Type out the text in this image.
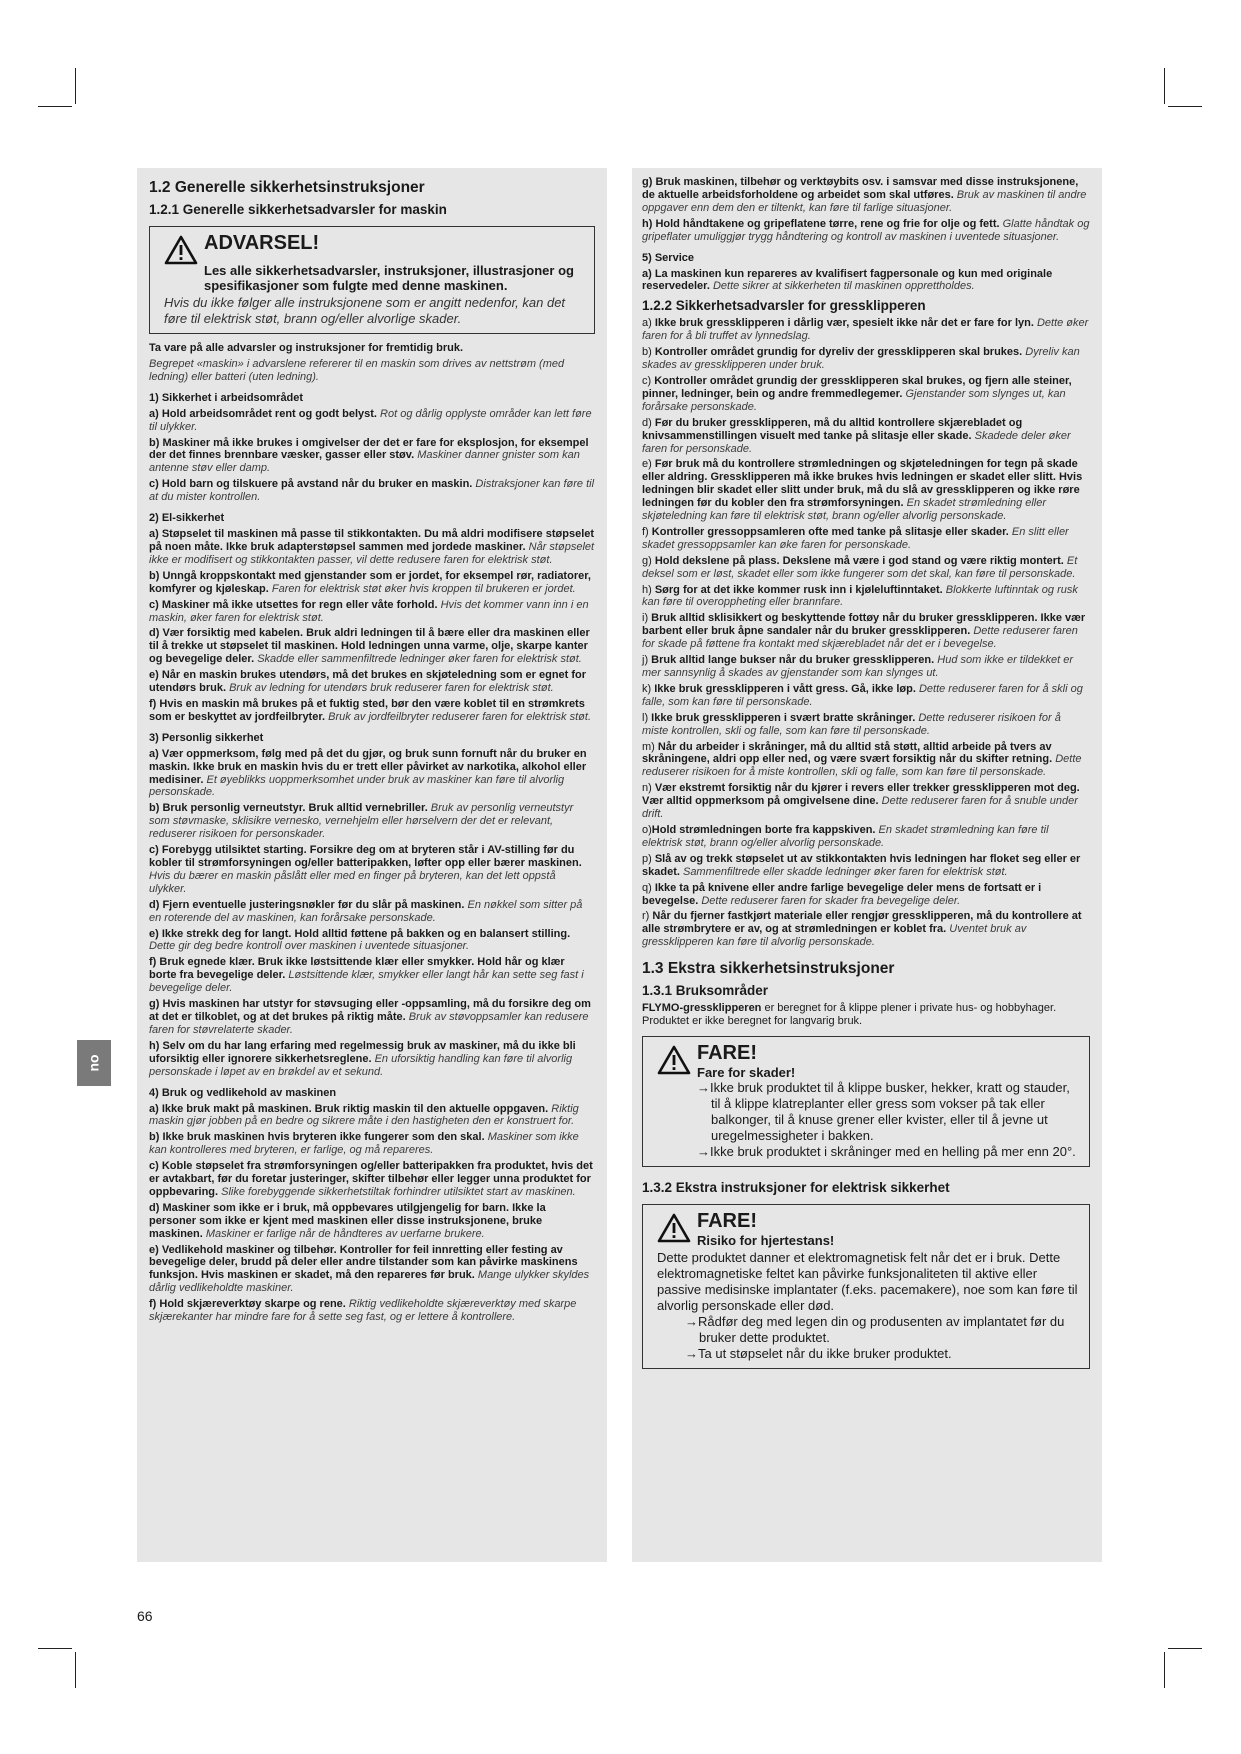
no
1.2 Generelle sikkerhetsinstruksjoner
1.2.1 Generelle sikkerhetsadvarsler for maskin
ADVARSEL!
Les alle sikkerhetsadvarsler, instruksjoner, illustrasjoner og spesifikasjoner som fulgte med denne maskinen.
Hvis du ikke følger alle instruksjonene som er angitt nedenfor, kan det føre til elektrisk støt, brann og/eller alvorlige skader.

Ta vare på alle advarsler og instruksjoner for fremtidig bruk.

Begrepet «maskin» i advarslene refererer til en maskin som drives av nettstrøm (med ledning) eller batteri (uten ledning).

1) Sikkerhet i arbeidsområdet

a) Hold arbeidsområdet rent og godt belyst. Rot og dårlig opplyste områder kan lett føre til ulykker.

b) Maskiner må ikke brukes i omgivelser der det er fare for eksplosjon, for eksempel der det finnes brennbare væsker, gasser eller støv. Maskiner danner gnister som kan antenne støv eller damp.

c) Hold barn og tilskuere på avstand når du bruker en maskin. Distraksjoner kan føre til at du mister kontrollen.

2) El-sikkerhet

a) Støpselet til maskinen må passe til stikkontakten. Du må aldri modifisere støpselet på noen måte. Ikke bruk adapterstøpsel sammen med jordede maskiner. Når støpselet ikke er modifisert og stikkontakten passer, vil dette redusere faren for elektrisk støt.

b) Unngå kroppskontakt med gjenstander som er jordet, for eksempel rør, radiatorer, komfyrer og kjøleskap. Faren for elektrisk støt øker hvis kroppen til brukeren er jordet.

c) Maskiner må ikke utsettes for regn eller våte forhold. Hvis det kommer vann inn i en maskin, øker faren for elektrisk støt.

d) Vær forsiktig med kabelen. Bruk aldri ledningen til å bære eller dra maskinen eller til å trekke ut støpselet til maskinen. Hold ledningen unna varme, olje, skarpe kanter og bevegelige deler. Skadde eller sammenfiltrede ledninger øker faren for elektrisk støt.

e) Når en maskin brukes utendørs, må det brukes en skjøteledning som er egnet for utendørs bruk. Bruk av ledning for utendørs bruk reduserer faren for elektrisk støt.

f) Hvis en maskin må brukes på et fuktig sted, bør den være koblet til en strømkrets som er beskyttet av jordfeilbryter. Bruk av jordfeilbryter reduserer faren for elektrisk støt.

3) Personlig sikkerhet

a) Vær oppmerksom, følg med på det du gjør, og bruk sunn fornuft når du bruker en maskin. Ikke bruk en maskin hvis du er trett eller påvirket av narkotika, alkohol eller medisiner. Et øyeblikks uoppmerksomhet under bruk av maskiner kan føre til alvorlig personskade.

b) Bruk personlig verneutstyr. Bruk alltid vernebriller. Bruk av personlig verneutstyr som støvmaske, sklisikre vernesko, vernehjelm eller hørselvern der det er relevant, reduserer risikoen for personskader.

c) Forebygg utilsiktet starting. Forsikre deg om at bryteren står i AV-stilling før du kobler til strømforsyningen og/eller batteripakken, løfter opp eller bærer maskinen. Hvis du bærer en maskin påslått eller med en finger på bryteren, kan det lett oppstå ulykker.

d) Fjern eventuelle justeringsnøkler før du slår på maskinen. En nøkkel som sitter på en roterende del av maskinen, kan forårsake personskade.

e) Ikke strekk deg for langt. Hold alltid føttene på bakken og en balansert stilling. Dette gir deg bedre kontroll over maskinen i uventede situasjoner.

f) Bruk egnede klær. Bruk ikke løstsittende klær eller smykker. Hold hår og klær borte fra bevegelige deler. Løstsittende klær, smykker eller langt hår kan sette seg fast i bevegelige deler.

g) Hvis maskinen har utstyr for støvsuging eller -oppsamling, må du forsikre deg om at det er tilkoblet, og at det brukes på riktig måte. Bruk av støvoppsamler kan redusere faren for støvrelaterte skader.

h) Selv om du har lang erfaring med regelmessig bruk av maskiner, må du ikke bli uforsiktig eller ignorere sikkerhetsreglene. En uforsiktig handling kan føre til alvorlig personskade i løpet av en brøkdel av et sekund.

4) Bruk og vedlikehold av maskinen

a) Ikke bruk makt på maskinen. Bruk riktig maskin til den aktuelle oppgaven. Riktig maskin gjør jobben på en bedre og sikrere måte i den hastigheten den er konstruert for.

b) Ikke bruk maskinen hvis bryteren ikke fungerer som den skal. Maskiner som ikke kan kontrolleres med bryteren, er farlige, og må repareres.

c) Koble støpselet fra strømforsyningen og/eller batteripakken fra produktet, hvis det er avtakbart, før du foretar justeringer, skifter tilbehør eller legger unna produktet for oppbevaring. Slike forebyggende sikkerhetstiltak forhindrer utilsiktet start av maskinen.

d) Maskiner som ikke er i bruk, må oppbevares utilgjengelig for barn. Ikke la personer som ikke er kjent med maskinen eller disse instruksjonene, bruke maskinen. Maskiner er farlige når de håndteres av uerfarne brukere.

e) Vedlikehold maskiner og tilbehør. Kontroller for feil innretting eller festing av bevegelige deler, brudd på deler eller andre tilstander som kan påvirke maskinens funksjon. Hvis maskinen er skadet, må den repareres før bruk. Mange ulykker skyldes dårlig vedlikeholdte maskiner.

f) Hold skjæreverktøy skarpe og rene. Riktig vedlikeholdte skjæreverktøy med skarpe skjærekanter har mindre fare for å sette seg fast, og er lettere å kontrollere.

g) Bruk maskinen, tilbehør og verktøybits osv. i samsvar med disse instruksjonene, de aktuelle arbeidsforholdene og arbeidet som skal utføres. Bruk av maskinen til andre oppgaver enn dem den er tiltenkt, kan føre til farlige situasjoner.

h) Hold håndtakene og gripeflatene tørre, rene og frie for olje og fett. Glatte håndtak og gripeflater umuliggjør trygg håndtering og kontroll av maskinen i uventede situasjoner.

5) Service

a) La maskinen kun repareres av kvalifisert fagpersonale og kun med originale reservedeler. Dette sikrer at sikkerheten til maskinen opprettholdes.

1.2.2 Sikkerhetsadvarsler for gressklipperen

a) Ikke bruk gressklipperen i dårlig vær, spesielt ikke når det er fare for lyn. Dette øker faren for å bli truffet av lynnedslag.

b) Kontroller området grundig for dyreliv der gressklipperen skal brukes. Dyreliv kan skades av gressklipperen under bruk.

c) Kontroller området grundig der gressklipperen skal brukes, og fjern alle steiner, pinner, ledninger, bein og andre fremmedlegemer. Gjenstander som slynges ut, kan forårsake personskade.

d) Før du bruker gressklipperen, må du alltid kontrollere skjærebladet og knivsammenstillingen visuelt med tanke på slitasje eller skade. Skadede deler øker faren for personskade.

e) Før bruk må du kontrollere strømledningen og skjøteledningen for tegn på skade eller aldring. Gressklipperen må ikke brukes hvis ledningen er skadet eller slitt. Hvis ledningen blir skadet eller slitt under bruk, må du slå av gressklipperen og ikke røre ledningen før du kobler den fra strømforsyningen. En skadet strømledning eller skjøteledning kan føre til elektrisk støt, brann og/eller alvorlig personskade.

f) Kontroller gressoppsamleren ofte med tanke på slitasje eller skader. En slitt eller skadet gressoppsamler kan øke faren for personskade.

g) Hold dekslene på plass. Dekslene må være i god stand og være riktig montert. Et deksel som er løst, skadet eller som ikke fungerer som det skal, kan føre til personskade.

h) Sørg for at det ikke kommer rusk inn i kjøleluftinntaket. Blokkerte luftinntak og rusk kan føre til overoppheting eller brannfare.

i) Bruk alltid sklisikkert og beskyttende fottøy når du bruker gressklipperen. Ikke vær barbent eller bruk åpne sandaler når du bruker gressklipperen. Dette reduserer faren for skade på føttene fra kontakt med skjærebladet når det er i bevegelse.

j) Bruk alltid lange bukser når du bruker gressklipperen. Hud som ikke er tildekket er mer sannsynlig å skades av gjenstander som kan slynges ut.

k) Ikke bruk gressklipperen i vått gress. Gå, ikke løp. Dette reduserer faren for å skli og falle, som kan føre til personskade.

l) Ikke bruk gressklipperen i svært bratte skråninger. Dette reduserer risikoen for å miste kontrollen, skli og falle, som kan føre til personskade.

m) Når du arbeider i skråninger, må du alltid stå støtt, alltid arbeide på tvers av skråningene, aldri opp eller ned, og være svært forsiktig når du skifter retning. Dette reduserer risikoen for å miste kontrollen, skli og falle, som kan føre til personskade.

n) Vær ekstremt forsiktig når du kjører i revers eller trekker gressklipperen mot deg. Vær alltid oppmerksom på omgivelsene dine. Dette reduserer faren for å snuble under drift.

o)Hold strømledningen borte fra kappskiven. En skadet strømledning kan føre til elektrisk støt, brann og/eller alvorlig personskade.

p) Slå av og trekk støpselet ut av stikkontakten hvis ledningen har floket seg eller er skadet. Sammenfiltrede eller skadde ledninger øker faren for elektrisk støt.

q) Ikke ta på knivene eller andre farlige bevegelige deler mens de fortsatt er i bevegelse. Dette reduserer faren for skader fra bevegelige deler.

r) Når du fjerner fastkjørt materiale eller rengjør gressklipperen, må du kontrollere at alle strømbrytere er av, og at strømledningen er koblet fra. Uventet bruk av gressklipperen kan føre til alvorlig personskade.

1.3 Ekstra sikkerhetsinstruksjoner
1.3.1 Bruksområder

FLYMO-gressklipperen er beregnet for å klippe plener i private hus- og hobbyhager. Produktet er ikke beregnet for langvarig bruk.

FARE!
Fare for skader!

→Ikke bruk produktet til å klippe busker, hekker, kratt og stauder, til å klippe klatreplanter eller gress som vokser på tak eller balkonger, til å knuse grener eller kvister, eller til å jevne ut uregelmessigheter i bakken.

→Ikke bruk produktet i skråninger med en helling på mer enn 20°.

1.3.2 Ekstra instruksjoner for elektrisk sikkerhet
FARE!
Risiko for hjertestans!
Dette produktet danner et elektromagnetisk felt når det er i bruk. Dette elektromagnetiske feltet kan påvirke funksjonaliteten til aktive eller passive medisinske implantater (f.eks. pacemakere), noe som kan føre til alvorlig personskade eller død.

→Rådfør deg med legen din og produsenten av implantatet før du bruker dette produktet.

→Ta ut støpselet når du ikke bruker produktet.

66
